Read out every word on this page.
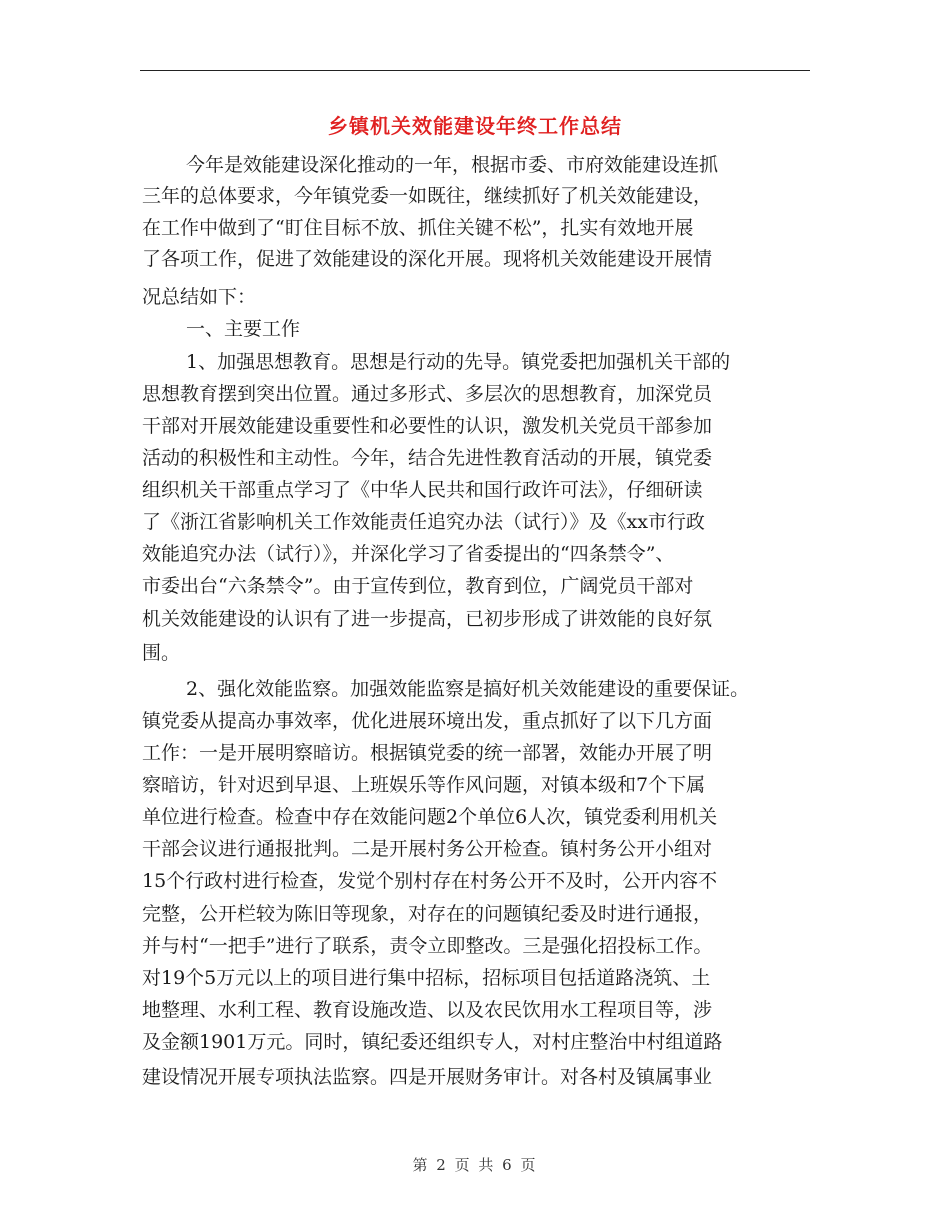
乡镇机关效能建设年终工作总结
今年是效能建设深化推动的一年，根据市委、市府效能建设连抓
三年的总体要求，今年镇党委一如既往，继续抓好了机关效能建设，
在工作中做到了“盯住目标不放、抓住关键不松”，扎实有效地开展
了各项工作，促进了效能建设的深化开展。现将机关效能建设开展情
况总结如下：
一、主要工作
1、加强思想教育。思想是行动的先导。镇党委把加强机关干部的
思想教育摆到突出位置。通过多形式、多层次的思想教育，加深党员
干部对开展效能建设重要性和必要性的认识，激发机关党员干部参加
活动的积极性和主动性。今年，结合先进性教育活动的开展，镇党委
组织机关干部重点学习了《中华人民共和国行政许可法》，仔细研读
了《浙江省影响机关工作效能责任追究办法（试行）》及《xx市行政
效能追究办法（试行）》，并深化学习了省委提出的“四条禁令”、
市委出台“六条禁令”。由于宣传到位，教育到位，广阔党员干部对
机关效能建设的认识有了进一步提高，已初步形成了讲效能的良好氛
围。
2、强化效能监察。加强效能监察是搞好机关效能建设的重要保证。
镇党委从提高办事效率，优化进展环境出发，重点抓好了以下几方面
工作：一是开展明察暗访。根据镇党委的统一部署，效能办开展了明
察暗访，针对迟到早退、上班娱乐等作风问题，对镇本级和7个下属
单位进行检查。检查中存在效能问题2个单位6人次，镇党委利用机关
干部会议进行通报批判。二是开展村务公开检查。镇村务公开小组对
15个行政村进行检查，发觉个别村存在村务公开不及时，公开内容不
完整，公开栏较为陈旧等现象，对存在的问题镇纪委及时进行通报，
并与村“一把手”进行了联系，责令立即整改。三是强化招投标工作。
对19个5万元以上的项目进行集中招标，招标项目包括道路浇筑、土
地整理、水利工程、教育设施改造、以及农民饮用水工程项目等，涉
及金额1901万元。同时，镇纪委还组织专人，对村庄整治中村组道路
建设情况开展专项执法监察。四是开展财务审计。对各村及镇属事业
第 2 页 共 6 页
